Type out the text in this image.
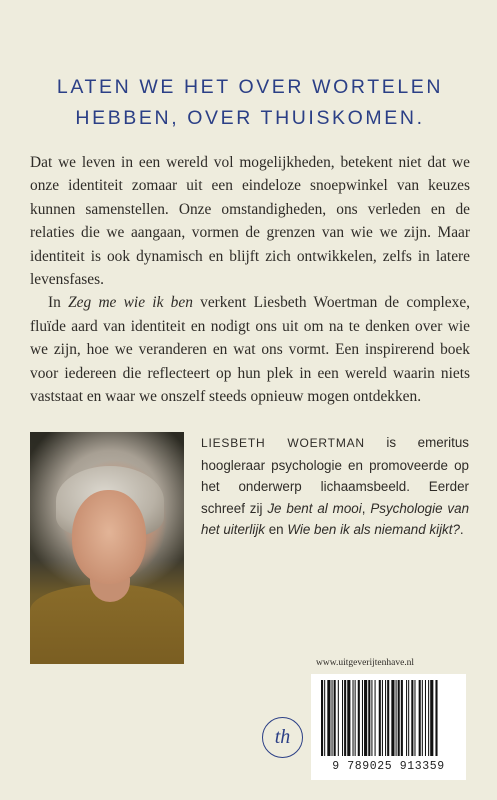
LATEN WE HET OVER WORTELEN
HEBBEN, OVER THUISKOMEN.

Dat we leven in een wereld vol mogelijkheden, betekent niet dat we onze identiteit zomaar uit een eindeloze snoepwinkel van keuzes kunnen samenstellen. Onze omstandigheden, ons verleden en de relaties die we aangaan, vormen de grenzen van wie we zijn. Maar identiteit is ook dynamisch en blijft zich ontwikkelen, zelfs in latere levensfases.

In Zeg me wie ik ben verkent Liesbeth Woertman de complexe, fluïde aard van identiteit en nodigt ons uit om na te denken over wie we zijn, hoe we veranderen en wat ons vormt. Een inspirerend boek voor iedereen die reflecteert op hun plek in een wereld waarin niets vaststaat en waar we onszelf steeds opnieuw mogen ontdekken.

LIESBETH WOERTMAN is emeritus hoogleraar psychologie en promoveerde op het onderwerp lichaamsbeeld. Eerder schreef zij Je bent al mooi, Psychologie van het uiterlijk en Wie ben ik als niemand kijkt?.
www.uitgeverijtenhave.nl
th
9 789025 913359
